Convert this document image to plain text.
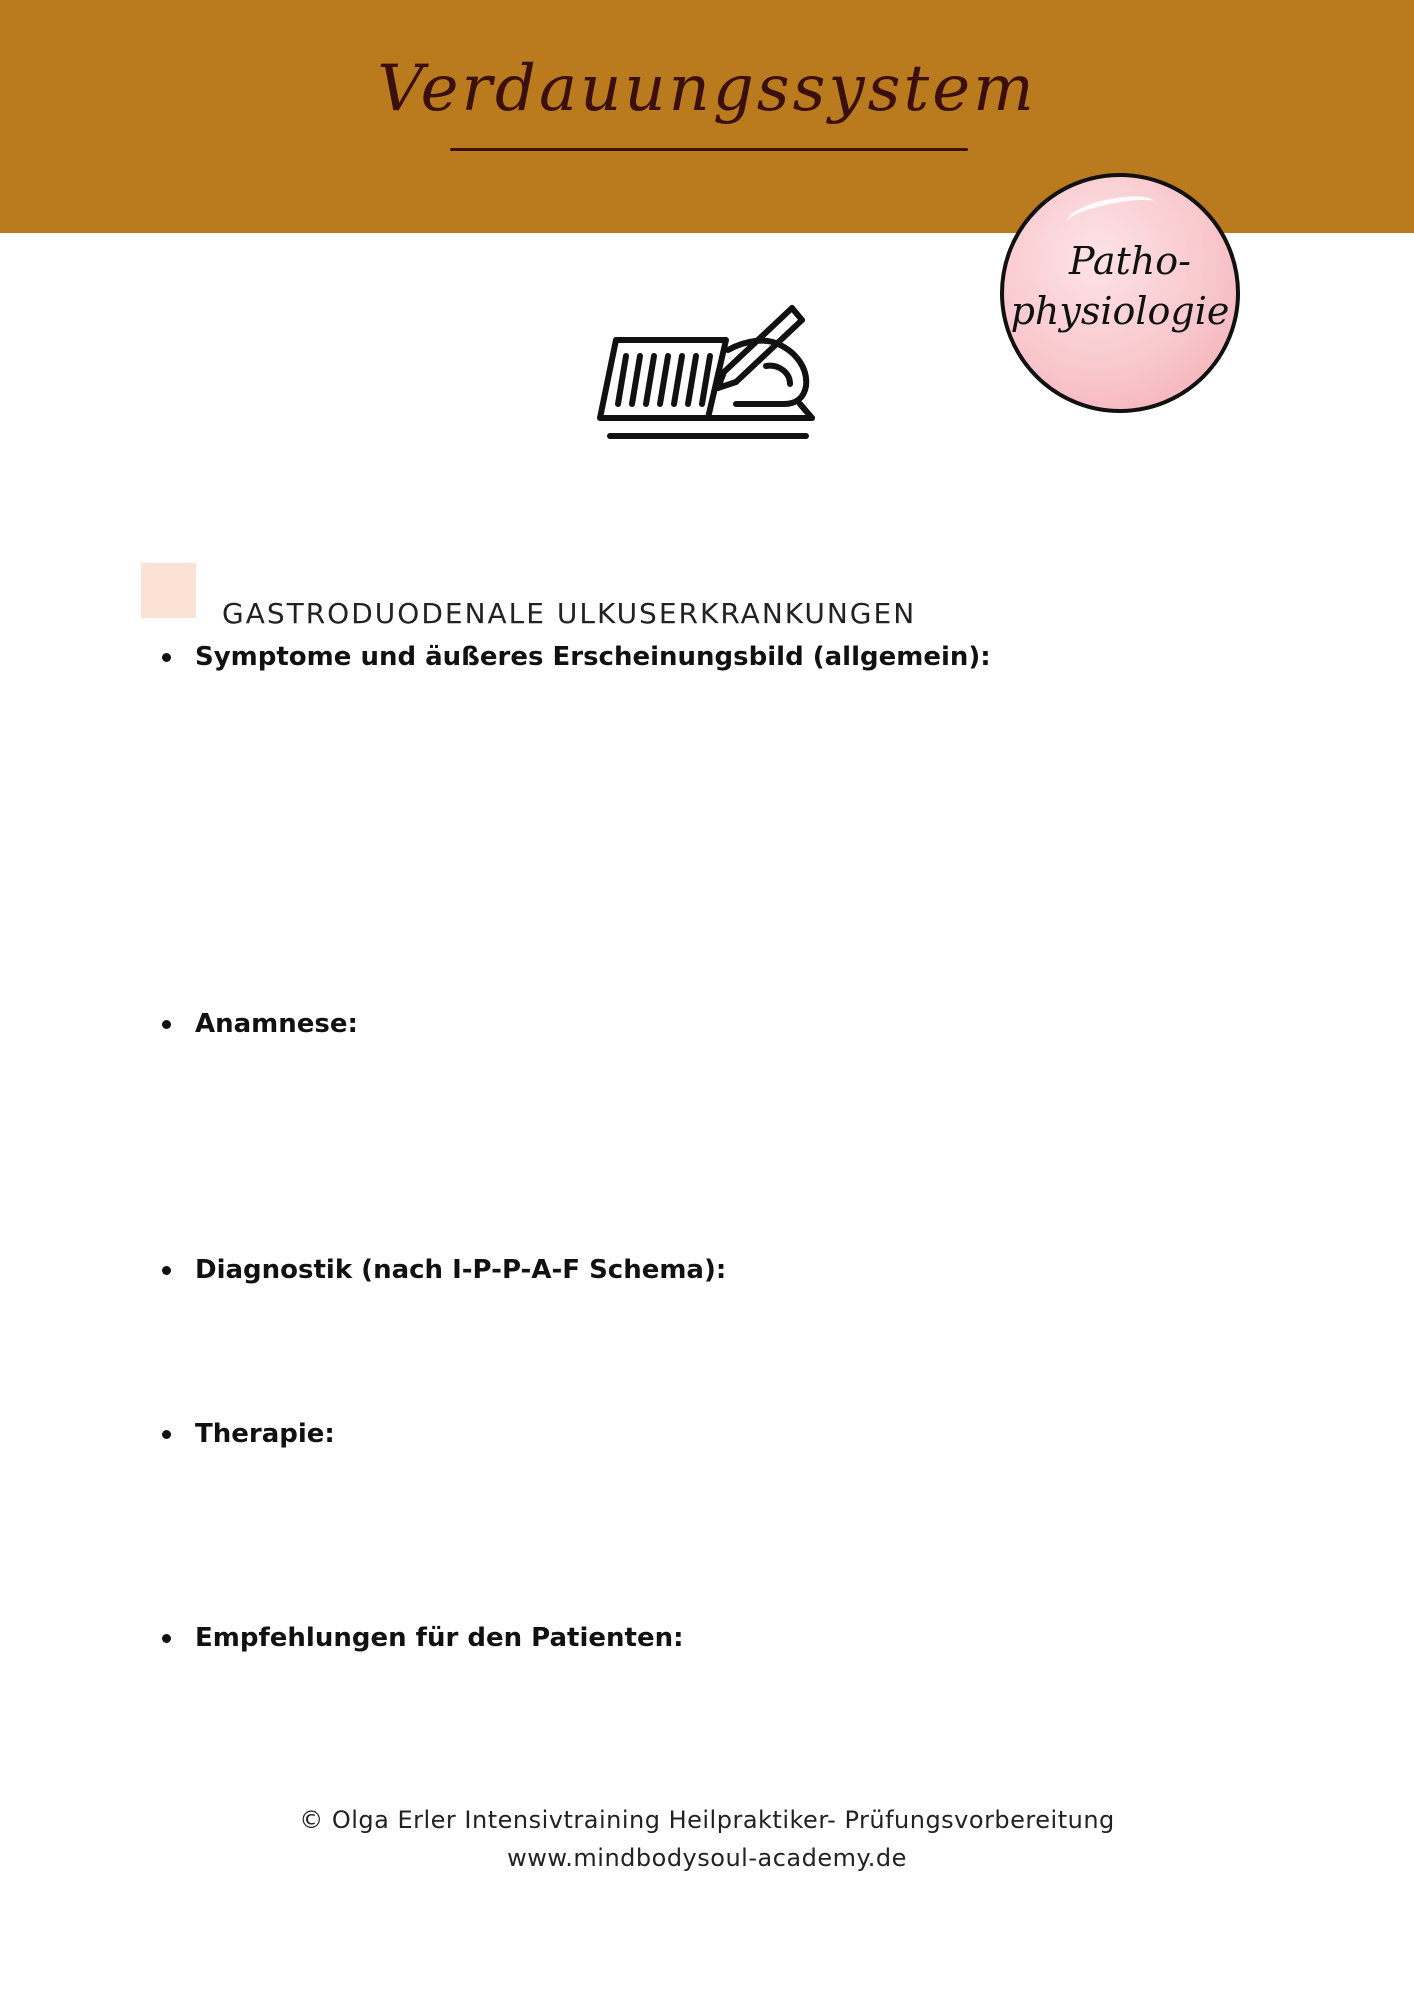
Verdauungssystem
Patho-
physiologie
GASTRODUODENALE ULKUSERKRANKUNGEN
Symptome und äußeres Erscheinungsbild (allgemein):
Anamnese:
Diagnostik (nach I-P-P-A-F Schema):
Therapie:
Empfehlungen für den Patienten:
© Olga Erler Intensivtraining Heilpraktiker- Prüfungsvorbereitung
www.mindbodysoul-academy.de
